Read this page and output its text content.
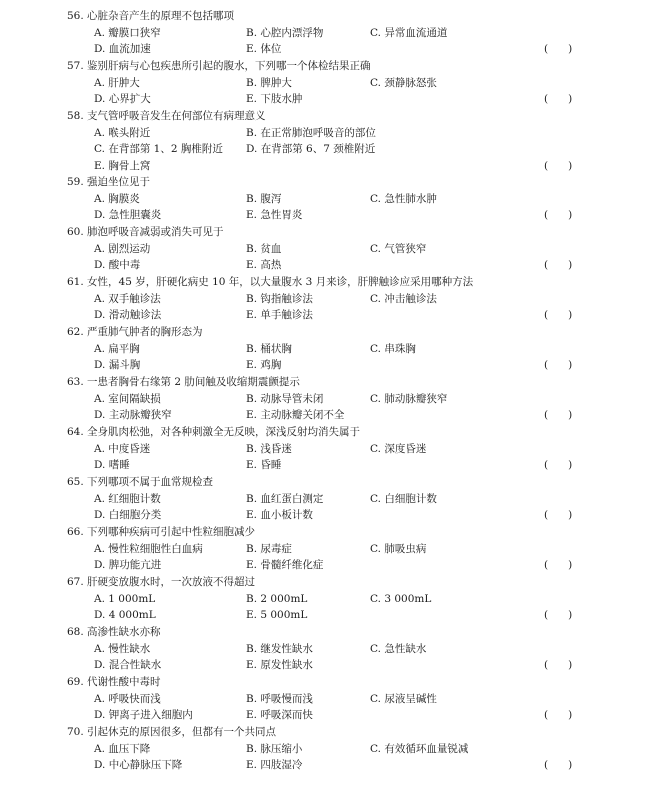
56. 心脏杂音产生的原理不包括哪项
A. 瓣膜口狭窄	B. 心腔内漂浮物	C. 异常血流通道
D. 血流加速	E. 体位	(      )
57. 鉴别肝病与心包疾患所引起的腹水，下列哪一个体检结果正确
A. 肝肿大	B. 脾肿大	C. 颈静脉怒张
D. 心界扩大	E. 下肢水肿	(      )
58. 支气管呼吸音发生在何部位有病理意义
A. 喉头附近	B. 在正常肺泡呼吸音的部位
C. 在背部第 1、2 胸椎附近 D. 在背部第 6、7 颈椎附近
E. 胸骨上窝	(      )
59. 强迫坐位见于
A. 胸膜炎	B. 腹泻	C. 急性肺水肿
D. 急性胆囊炎	E. 急性胃炎	(      )
60. 肺泡呼吸音减弱或消失可见于
A. 剧烈运动	B. 贫血	C. 气管狭窄
D. 酸中毒	E. 高热	(      )
61. 女性，45 岁，肝硬化病史 10 年，以大量腹水 3 月来诊，肝脾触诊应采用哪种方法
A. 双手触诊法	B. 钩指触诊法	C. 冲击触诊法
D. 滑动触诊法	E. 单手触诊法	(      )
62. 严重肺气肿者的胸形态为
A. 扁平胸	B. 桶状胸	C. 串珠胸
D. 漏斗胸	E. 鸡胸	(      )
63. 一患者胸骨右缘第 2 肋间触及收缩期震颤提示
A. 室间隔缺损	B. 动脉导管未闭	C. 肺动脉瓣狭窄
D. 主动脉瓣狭窄	E. 主动脉瓣关闭不全	(      )
64. 全身肌肉松弛，对各种刺激全无反映，深浅反射均消失属于
A. 中度昏迷	B. 浅昏迷	C. 深度昏迷
D. 嗜睡	E. 昏睡	(      )
65. 下列哪项不属于血常规检查
A. 红细胞计数	B. 血红蛋白测定	C. 白细胞计数
D. 白细胞分类	E. 血小板计数	(      )
66. 下列哪种疾病可引起中性粒细胞减少
A. 慢性粒细胞性白血病	B. 尿毒症	C. 肺吸虫病
D. 脾功能亢进	E. 骨髓纤维化症	(      )
67. 肝硬变放腹水时，一次放液不得超过
A. 1 000mL	B. 2 000mL	C. 3 000mL
D. 4 000mL	E. 5 000mL	(      )
68. 高渗性缺水亦称
A. 慢性缺水	B. 继发性缺水	C. 急性缺水
D. 混合性缺水	E. 原发性缺水	(      )
69. 代谢性酸中毒时
A. 呼吸快而浅	B. 呼吸慢而浅	C. 尿液呈碱性
D. 钾离子进入细胞内	E. 呼吸深而快	(      )
70. 引起休克的原因很多，但都有一个共同点
A. 血压下降	B. 脉压缩小	C. 有效循环血量锐减
D. 中心静脉压下降	E. 四肢湿冷	(      )
